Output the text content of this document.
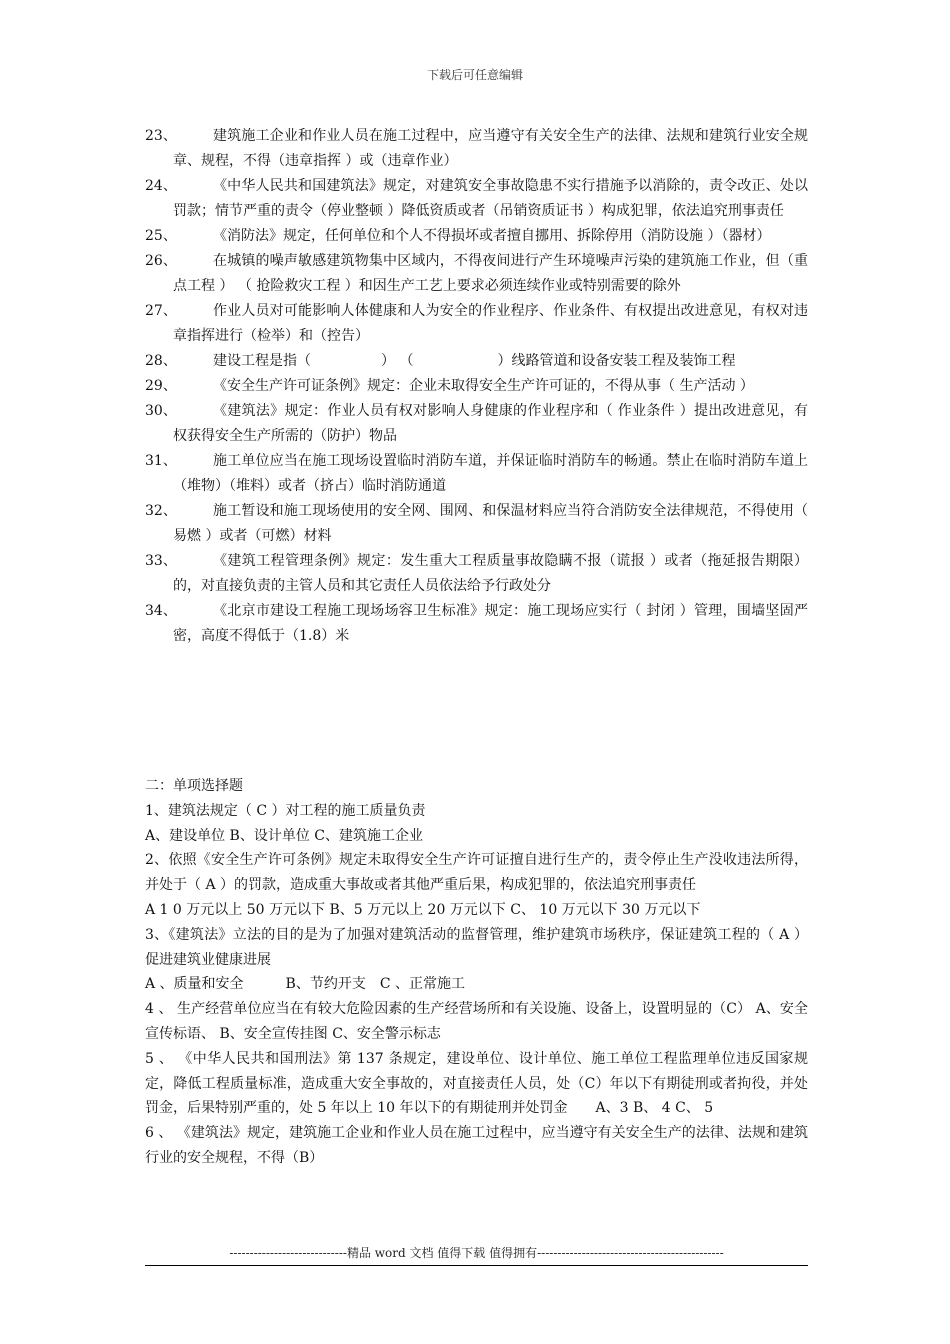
下载后可任意编辑
23、	建筑施工企业和作业人员在施工过程中，应当遵守有关安全生产的法律、法规和建筑行业安全规章、规程，不得（违章指挥 ）或（违章作业）
24、	《中华人民共和国建筑法》规定，对建筑安全事故隐患不实行措施予以消除的，责令改正、处以罚款；情节严重的责令（停业整顿 ）降低资质或者（吊销资质证书 ）构成犯罪，依法追究刑事责任
25、	《消防法》规定，任何单位和个人不得损坏或者擅自挪用、拆除停用（消防设施 ）（器材）
26、	在城镇的噪声敏感建筑物集中区域内，不得夜间进行产生环境噪声污染的建筑施工作业，但（重点工程 ） （ 抢险救灾工程 ）和因生产工艺上要求必须连续作业或特别需要的除外
27、	作业人员对可能影响人体健康和人为安全的作业程序、作业条件、有权提出改进意见，有权对违章指挥进行（检举）和（控告）
28、	建设工程是指（　　　　　） （　　　　　　）线路管道和设备安装工程及装饰工程
29、	《安全生产许可证条例》规定：企业未取得安全生产许可证的，不得从事（ 生产活动 ）
30、	《建筑法》规定：作业人员有权对影响人身健康的作业程序和（ 作业条件 ）提出改进意见，有权获得安全生产所需的（防护）物品
31、	施工单位应当在施工现场设置临时消防车道，并保证临时消防车的畅通。禁止在临时消防车道上（堆物）（堆料）或者（挤占）临时消防通道
32、	施工暂设和施工现场使用的安全网、围网、和保温材料应当符合消防安全法律规范，不得使用（ 易燃 ）或者（可燃）材料
33、	《建筑工程管理条例》规定：发生重大工程质量事故隐瞒不报（谎报 ）或者（拖延报告期限）的，对直接负责的主管人员和其它责任人员依法给予行政处分
34、	《北京市建设工程施工现场场容卫生标准》规定：施工现场应实行（ 封闭 ）管理，围墙坚固严密，高度不得低于（1.8）米
二：单项选择题
1、建筑法规定（ C ）对工程的施工质量负责
A、建设单位 B、设计单位 C、建筑施工企业
2、依照《安全生产许可条例》规定未取得安全生产许可证擅自进行生产的，责令停止生产没收违法所得，并处于（ A ）的罚款，造成重大事故或者其他严重后果，构成犯罪的，依法追究刑事责任
A 1 0 万元以上 50 万元以下 B、5 万元以上 20 万元以下 C、 10 万元以下 30 万元以下
3、《建筑法》立法的目的是为了加强对建筑活动的监督管理，维护建筑市场秩序，保证建筑工程的（ A ）促进建筑业健康进展
A 、质量和安全　　　B、节约开支　C 、正常施工
4 、 生产经营单位应当在有较大危险因素的生产经营场所和有关设施、设备上，设置明显的（C） A、安全宣传标语、 B、安全宣传挂图 C、安全警示标志
5 、 《中华人民共和国刑法》第 137 条规定，建设单位、设计单位、施工单位工程监理单位违反国家规定，降低工程质量标准，造成重大安全事故的，对直接责任人员，处（C）年以下有期徒刑或者拘役，并处罚金，后果特别严重的，处 5 年以上 10 年以下的有期徒刑并处罚金　　A、3 B、 4 C、 5
6 、 《建筑法》规定，建筑施工企业和作业人员在施工过程中，应当遵守有关安全生产的法律、法规和建筑行业的安全规程，不得（B）
-----------------------------精品 word 文档 值得下载 值得拥有----------------------------------------------
